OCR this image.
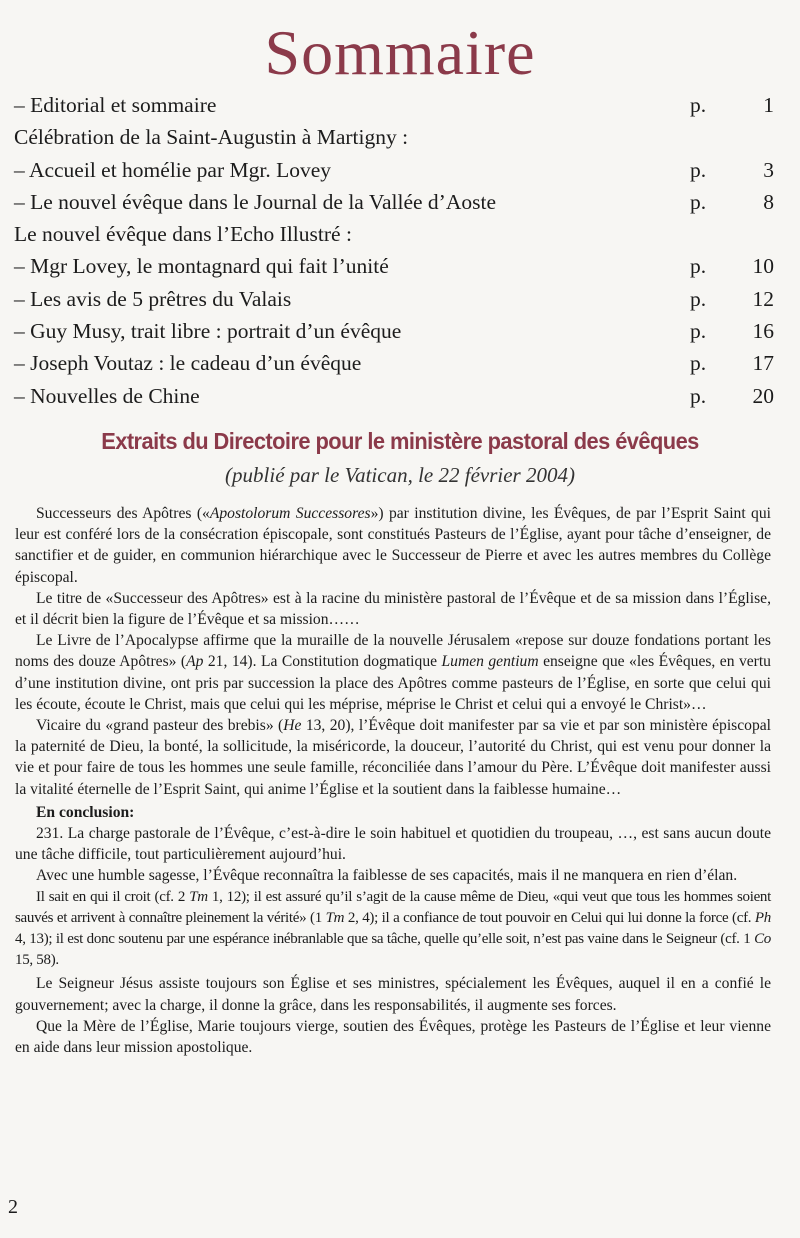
Sommaire
– Editorial et sommaire	p.	1
Célébration de la Saint-Augustin à Martigny :
– Accueil et homélie par Mgr. Lovey	p.	3
– Le nouvel évêque dans le Journal de la Vallée d’Aoste	p.	8
Le nouvel évêque dans l’Echo Illustré :
– Mgr Lovey, le montagnard qui fait l’unité	p. 10
– Les avis de 5 prêtres du Valais	p. 12
– Guy Musy, trait libre : portrait d’un évêque	p. 16
– Joseph Voutaz : le cadeau d’un évêque	p. 17
– Nouvelles de Chine	p. 20
Extraits du Directoire pour le ministère pastoral des évêques
(publié par le Vatican, le 22 février 2004)

Successeurs des Apôtres («Apostolorum Successores») par institution divine, les Évêques, de par l’Esprit Saint qui leur est conféré lors de la consécration épiscopale, sont constitués Pasteurs de l’Église, ayant pour tâche d’enseigner, de sanctifier et de guider, en communion hiérarchique avec le Successeur de Pierre et avec les autres membres du Collège épiscopal.

Le titre de «Successeur des Apôtres» est à la racine du ministère pastoral de l’Évêque et de sa mission dans l’Église, et il décrit bien la figure de l’Évêque et sa mission……

Le Livre de l’Apocalypse affirme que la muraille de la nouvelle Jérusalem «repose sur douze fondations portant les noms des douze Apôtres» (Ap 21, 14). La Constitution dogmatique Lumen gentium enseigne que «les Évêques, en vertu d’une institution divine, ont pris par succession la place des Apôtres comme pasteurs de l’Église, en sorte que celui qui les écoute, écoute le Christ, mais que celui qui les méprise, méprise le Christ et celui qui a envoyé le Christ»…

Vicaire du «grand pasteur des brebis» (He 13, 20), l’Évêque doit manifester par sa vie et par son ministère épiscopal la paternité de Dieu, la bonté, la sollicitude, la miséricorde, la douceur, l’autorité du Christ, qui est venu pour donner la vie et pour faire de tous les hommes une seule famille, réconciliée dans l’amour du Père. L’Évêque doit manifester aussi la vitalité éternelle de l’Esprit Saint, qui anime l’Église et la soutient dans la faiblesse humaine…

En conclusion:

231. La charge pastorale de l’Évêque, c’est-à-dire le soin habituel et quotidien du troupeau, …, est sans aucun doute une tâche difficile, tout particulièrement aujourd’hui.

Avec une humble sagesse, l’Évêque reconnaîtra la faiblesse de ses capacités, mais il ne manquera en rien d’élan.

Il sait en qui il croit (cf. 2 Tm 1, 12); il est assuré qu’il s’agit de la cause même de Dieu, «qui veut que tous les hommes soient sauvés et arrivent à connaître pleinement la vérité» (1 Tm 2, 4); il a confiance de tout pouvoir en Celui qui lui donne la force (cf. Ph 4, 13); il est donc soutenu par une espérance inébranlable que sa tâche, quelle qu’elle soit, n’est pas vaine dans le Seigneur (cf. 1 Co 15, 58).

Le Seigneur Jésus assiste toujours son Église et ses ministres, spécialement les Évêques, auquel il en a confié le gouvernement; avec la charge, il donne la grâce, dans les responsabilités, il augmente ses forces.

Que la Mère de l’Église, Marie toujours vierge, soutien des Évêques, protège les Pasteurs de l’Église et leur vienne en aide dans leur mission apostolique.

2
